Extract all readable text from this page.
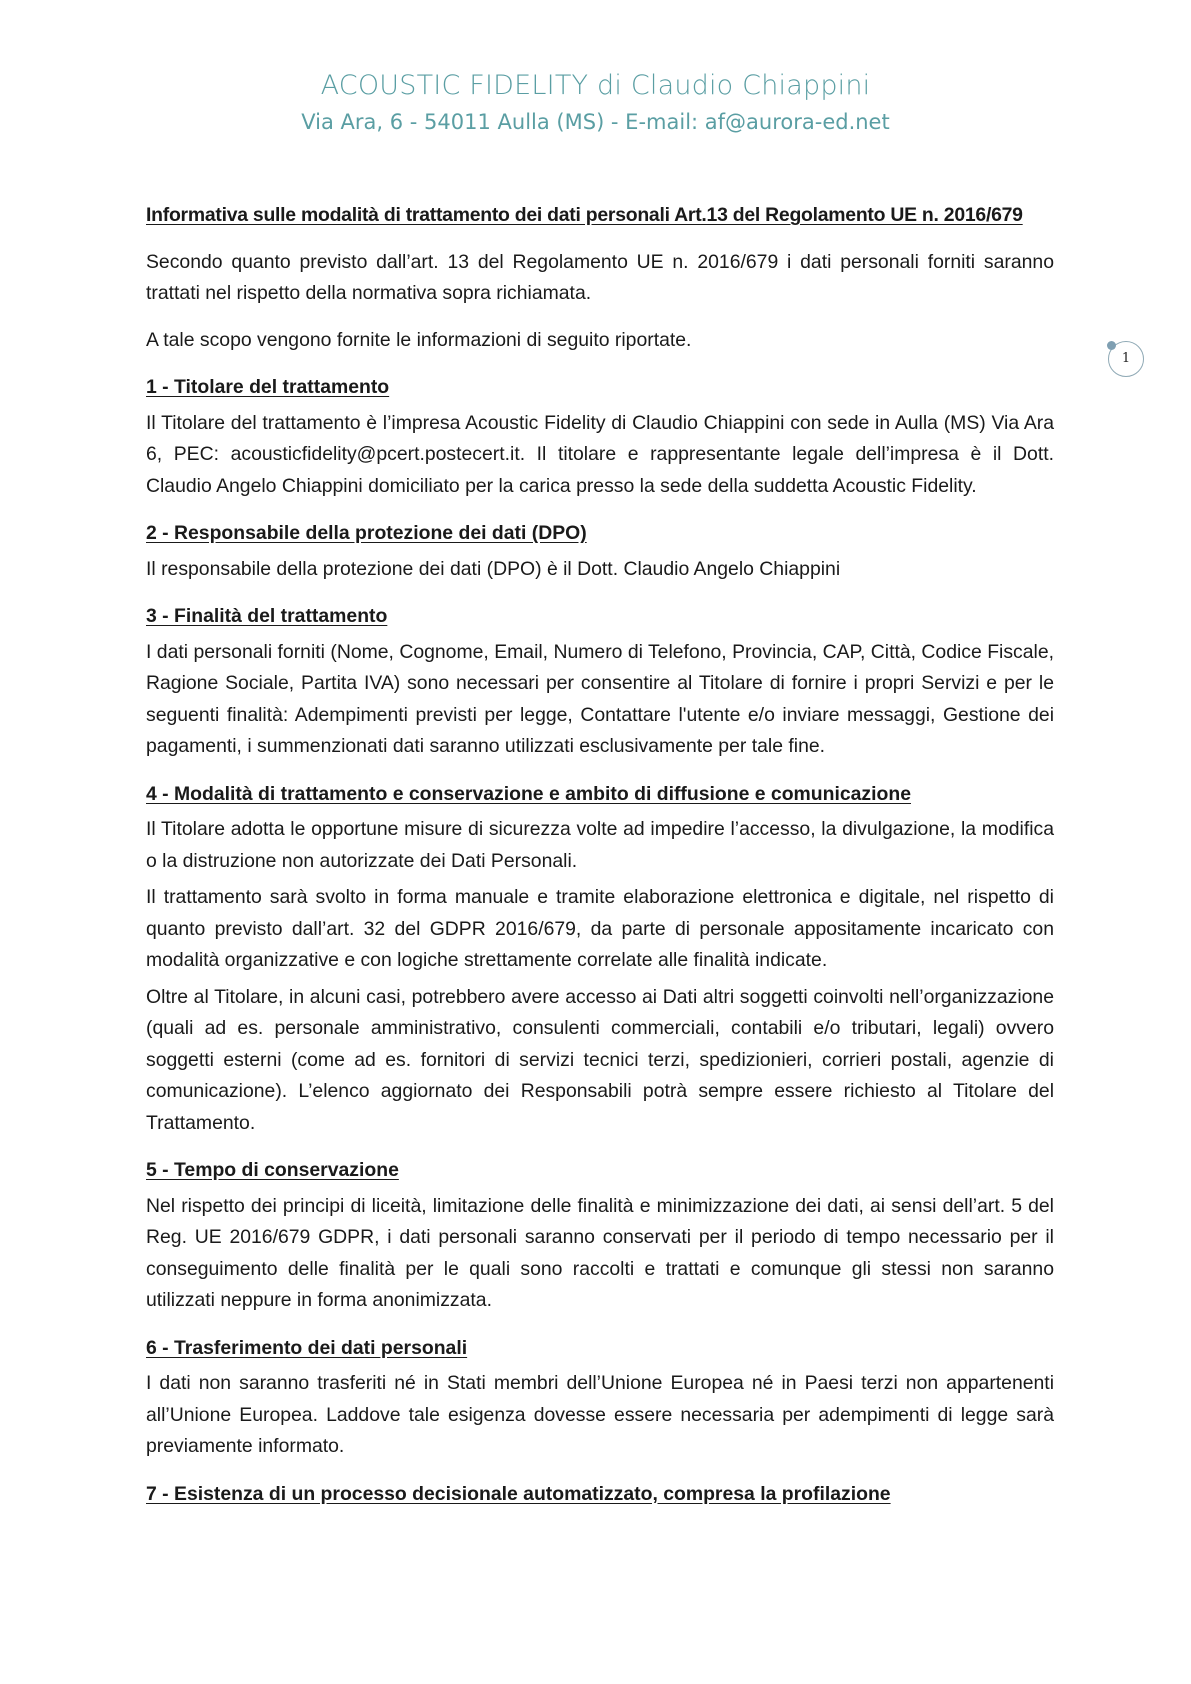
ACOUSTIC FIDELITY di Claudio Chiappini
Via Ara, 6 - 54011 Aulla (MS) - E-mail: af@aurora-ed.net
1
Informativa sulle modalità di trattamento dei dati personali Art.13 del Regolamento UE n. 2016/679

Secondo quanto previsto dall’art. 13 del Regolamento UE n. 2016/679 i dati personali forniti saranno trattati nel rispetto della normativa sopra richiamata.

A tale scopo vengono fornite le informazioni di seguito riportate.

1 - Titolare del trattamento

Il Titolare del trattamento è l’impresa Acoustic Fidelity di Claudio Chiappini con sede in Aulla (MS) Via Ara 6, PEC: acousticfidelity@pcert.postecert.it. Il titolare e rappresentante legale dell’impresa è il Dott. Claudio Angelo Chiappini domiciliato per la carica presso la sede della suddetta Acoustic Fidelity.

2 - Responsabile della protezione dei dati (DPO)

Il responsabile della protezione dei dati (DPO) è il Dott. Claudio Angelo Chiappini

3 - Finalità del trattamento

I dati personali forniti (Nome, Cognome, Email, Numero di Telefono, Provincia, CAP, Città, Codice Fiscale, Ragione Sociale, Partita IVA) sono necessari per consentire al Titolare di fornire i propri Servizi e per le seguenti finalità: Adempimenti previsti per legge, Contattare l'utente e/o inviare messaggi, Gestione dei pagamenti, i summenzionati dati saranno utilizzati esclusivamente per tale fine.

4 - Modalità di trattamento e conservazione e ambito di diffusione e comunicazione

Il Titolare adotta le opportune misure di sicurezza volte ad impedire l’accesso, la divulgazione, la modifica o la distruzione non autorizzate dei Dati Personali.

Il trattamento sarà svolto in forma manuale e tramite elaborazione elettronica e digitale, nel rispetto di quanto previsto dall’art. 32 del GDPR 2016/679, da parte di personale appositamente incaricato con modalità organizzative e con logiche strettamente correlate alle finalità indicate.

Oltre al Titolare, in alcuni casi, potrebbero avere accesso ai Dati altri soggetti coinvolti nell’organizzazione (quali ad es. personale amministrativo, consulenti commerciali, contabili e/o tributari, legali) ovvero soggetti esterni (come ad es. fornitori di servizi tecnici terzi, spedizionieri, corrieri postali, agenzie di comunicazione). L’elenco aggiornato dei Responsabili potrà sempre essere richiesto al Titolare del Trattamento.

5 - Tempo di conservazione

Nel rispetto dei principi di liceità, limitazione delle finalità e minimizzazione dei dati, ai sensi dell’art. 5 del Reg. UE 2016/679 GDPR, i dati personali saranno conservati per il periodo di tempo necessario per il conseguimento delle finalità per le quali sono raccolti e trattati e comunque gli stessi non saranno utilizzati neppure in forma anonimizzata.

6 - Trasferimento dei dati personali

I dati non saranno trasferiti né in Stati membri dell’Unione Europea né in Paesi terzi non appartenenti all’Unione Europea. Laddove tale esigenza dovesse essere necessaria per adempimenti di legge sarà previamente informato.

7 - Esistenza di un processo decisionale automatizzato, compresa la profilazione
